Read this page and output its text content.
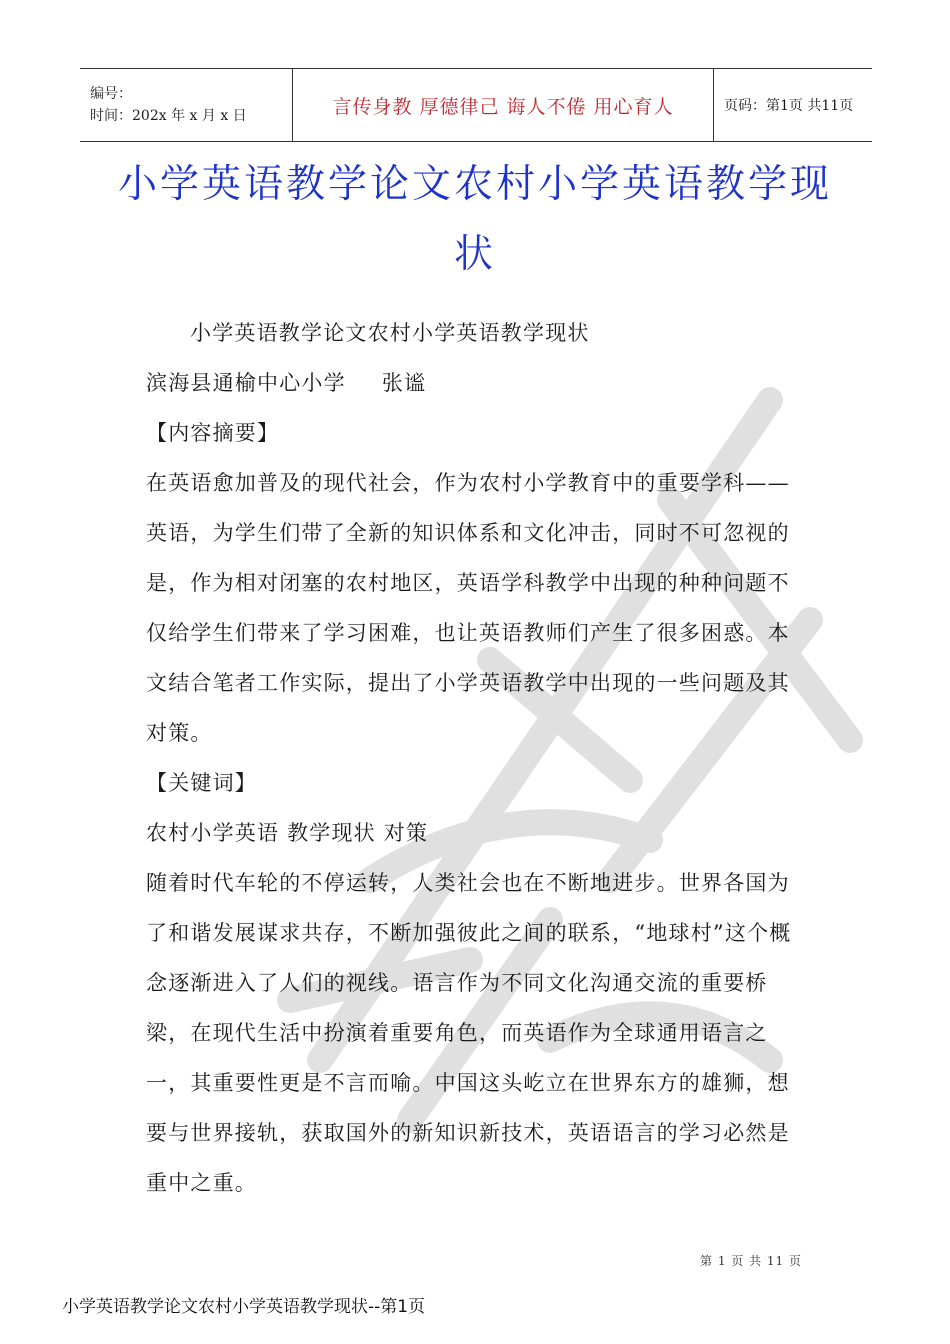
编号：
时间：202x 年 x 月 x 日	言传身教 厚德律己 诲人不倦 用心育人	页码：第1页 共11页
小学英语教学论文农村小学英语教学现状

小学英语教学论文农村小学英语教学现状

滨海县通榆中心小学 张谧

【内容摘要】

在英语愈加普及的现代社会，作为农村小学教育中的重要学科——英语，为学生们带了全新的知识体系和文化冲击，同时不可忽视的是，作为相对闭塞的农村地区，英语学科教学中出现的种种问题不仅给学生们带来了学习困难，也让英语教师们产生了很多困惑。本文结合笔者工作实际，提出了小学英语教学中出现的一些问题及其对策。

【关键词】

农村小学英语 教学现状 对策

随着时代车轮的不停运转，人类社会也在不断地进步。世界各国为了和谐发展谋求共存，不断加强彼此之间的联系，“地球村”这个概念逐渐进入了人们的视线。语言作为不同文化沟通交流的重要桥梁，在现代生活中扮演着重要角色，而英语作为全球通用语言之一，其重要性更是不言而喻。中国这头屹立在世界东方的雄狮，想要与世界接轨，获取国外的新知识新技术，英语语言的学习必然是重中之重。

第 1 页 共 11 页
小学英语教学论文农村小学英语教学现状--第1页
